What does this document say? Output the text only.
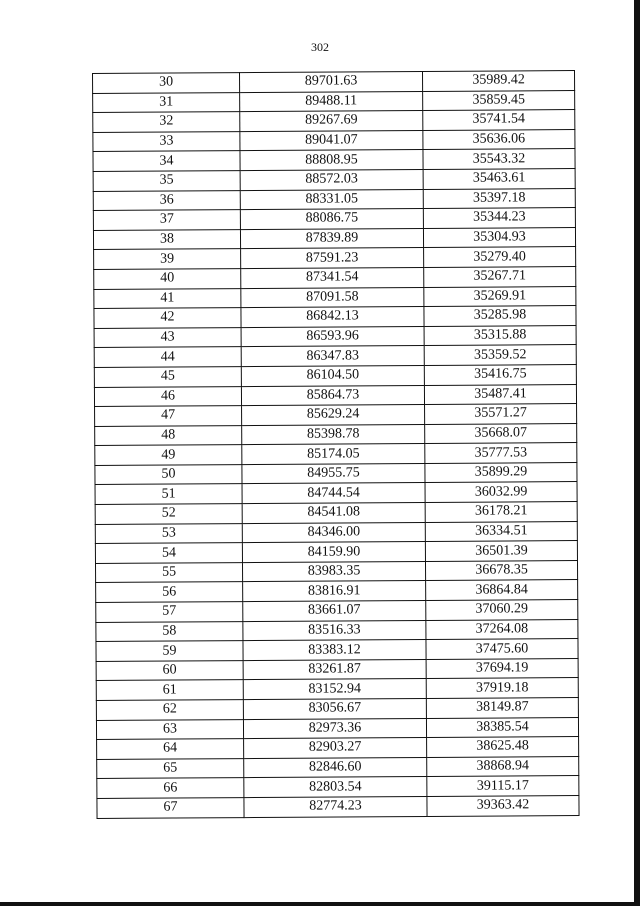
302
30	89701.63	35989.42
31	89488.11	35859.45
32	89267.69	35741.54
33	89041.07	35636.06
34	88808.95	35543.32
35	88572.03	35463.61
36	88331.05	35397.18
37	88086.75	35344.23
38	87839.89	35304.93
39	87591.23	35279.40
40	87341.54	35267.71
41	87091.58	35269.91
42	86842.13	35285.98
43	86593.96	35315.88
44	86347.83	35359.52
45	86104.50	35416.75
46	85864.73	35487.41
47	85629.24	35571.27
48	85398.78	35668.07
49	85174.05	35777.53
50	84955.75	35899.29
51	84744.54	36032.99
52	84541.08	36178.21
53	84346.00	36334.51
54	84159.90	36501.39
55	83983.35	36678.35
56	83816.91	36864.84
57	83661.07	37060.29
58	83516.33	37264.08
59	83383.12	37475.60
60	83261.87	37694.19
61	83152.94	37919.18
62	83056.67	38149.87
63	82973.36	38385.54
64	82903.27	38625.48
65	82846.60	38868.94
66	82803.54	39115.17
67	82774.23	39363.42
